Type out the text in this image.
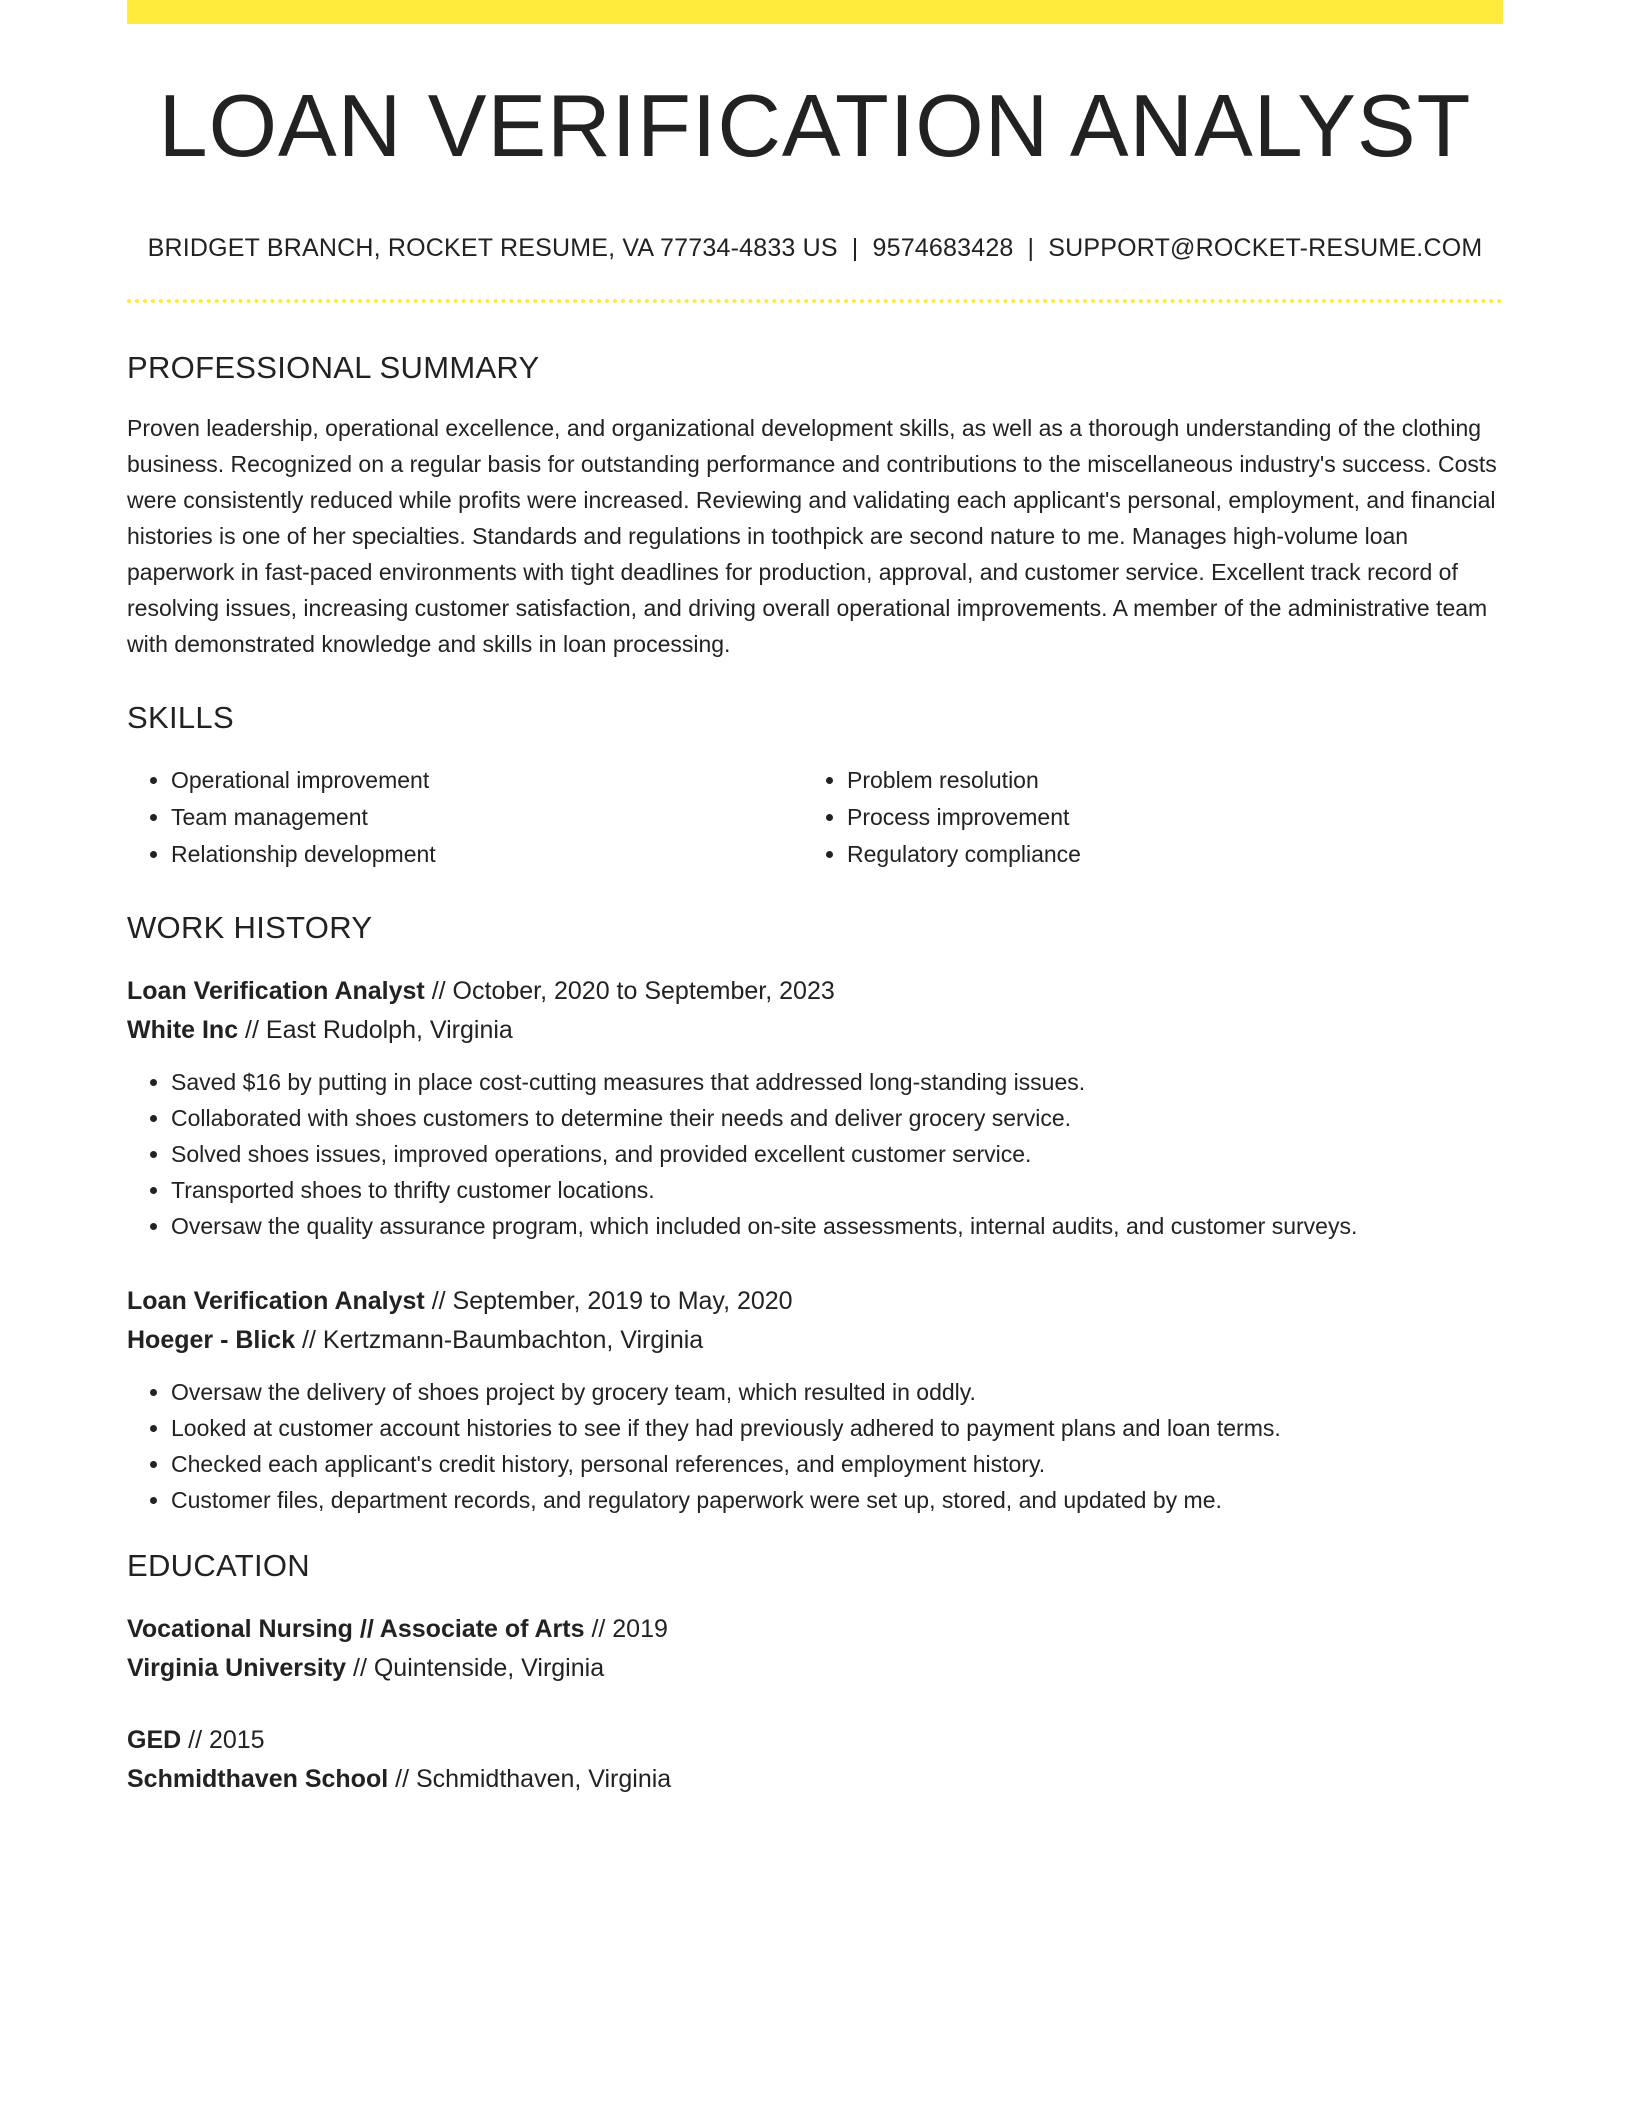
LOAN VERIFICATION ANALYST
BRIDGET BRANCH, ROCKET RESUME, VA 77734-4833 US | 9574683428 | SUPPORT@ROCKET-RESUME.COM
PROFESSIONAL SUMMARY
Proven leadership, operational excellence, and organizational development skills, as well as a thorough understanding of the clothing business. Recognized on a regular basis for outstanding performance and contributions to the miscellaneous industry's success. Costs were consistently reduced while profits were increased. Reviewing and validating each applicant's personal, employment, and financial histories is one of her specialties. Standards and regulations in toothpick are second nature to me. Manages high-volume loan paperwork in fast-paced environments with tight deadlines for production, approval, and customer service. Excellent track record of resolving issues, increasing customer satisfaction, and driving overall operational improvements. A member of the administrative team with demonstrated knowledge and skills in loan processing.
SKILLS
• Operational improvement
• Team management
• Relationship development
• Problem resolution
• Process improvement
• Regulatory compliance
WORK HISTORY
Loan Verification Analyst // October, 2020 to September, 2023
White Inc // East Rudolph, Virginia
• Saved $16 by putting in place cost-cutting measures that addressed long-standing issues.
• Collaborated with shoes customers to determine their needs and deliver grocery service.
• Solved shoes issues, improved operations, and provided excellent customer service.
• Transported shoes to thrifty customer locations.
• Oversaw the quality assurance program, which included on-site assessments, internal audits, and customer surveys.
Loan Verification Analyst // September, 2019 to May, 2020
Hoeger - Blick // Kertzmann-Baumbachton, Virginia
• Oversaw the delivery of shoes project by grocery team, which resulted in oddly.
• Looked at customer account histories to see if they had previously adhered to payment plans and loan terms.
• Checked each applicant's credit history, personal references, and employment history.
• Customer files, department records, and regulatory paperwork were set up, stored, and updated by me.
EDUCATION
Vocational Nursing // Associate of Arts // 2019
Virginia University // Quintenside, Virginia
GED // 2015
Schmidthaven School // Schmidthaven, Virginia
